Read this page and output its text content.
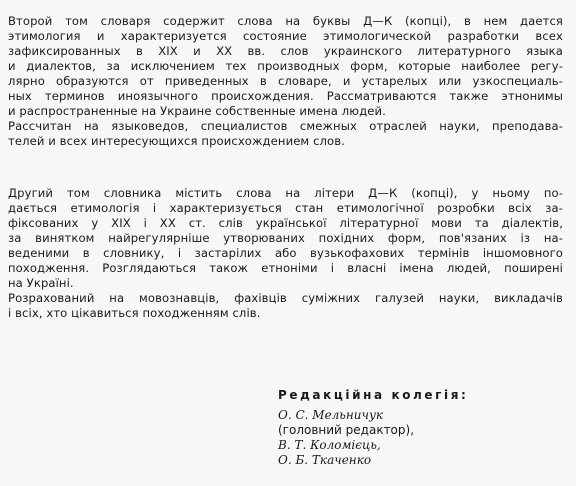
Второй том словаря содержит слова на буквы Д—К (копці), в нем дается
этимология и характеризуется состояние этимологической разработки всех
зафиксированных в XIX и XX вв. слов украинского литературного языка
и диалектов, за исключением тех производных форм, которые наиболее регу-
лярно образуются от приведенных в словаре, и устарелых или узкоспециаль-
ных терминов иноязычного происхождения. Рассматриваются также этнонимы
и распространенные на Украине собственные имена людей.
Рассчитан на языковедов, специалистов смежных отраслей науки, преподава-
телей и всех интересующихся происхождением слов.
Другий том словника містить слова на літери Д—К (копці), у ньому по-
дається етимологія і характеризується стан етимологічної розробки всіх за-
фіксованих у XIX і XX ст. слів української літературної мови та діалектів,
за винятком найрегулярніше утворюваних похідних форм, пов'язаних із на-
веденими в словнику, і застарілих або вузькофахових термінів іншомовного
походження. Розглядаються також етноніми і власні імена людей, поширені
на Україні.
Розрахований на мовознавців, фахівців суміжних галузей науки, викладачів
і всіх, хто цікавиться походженням слів.
Редакційна колегія:
О. С. Мельничук
(головний редактор),
В. Т. Коломієць,
О. Б. Ткаченко
